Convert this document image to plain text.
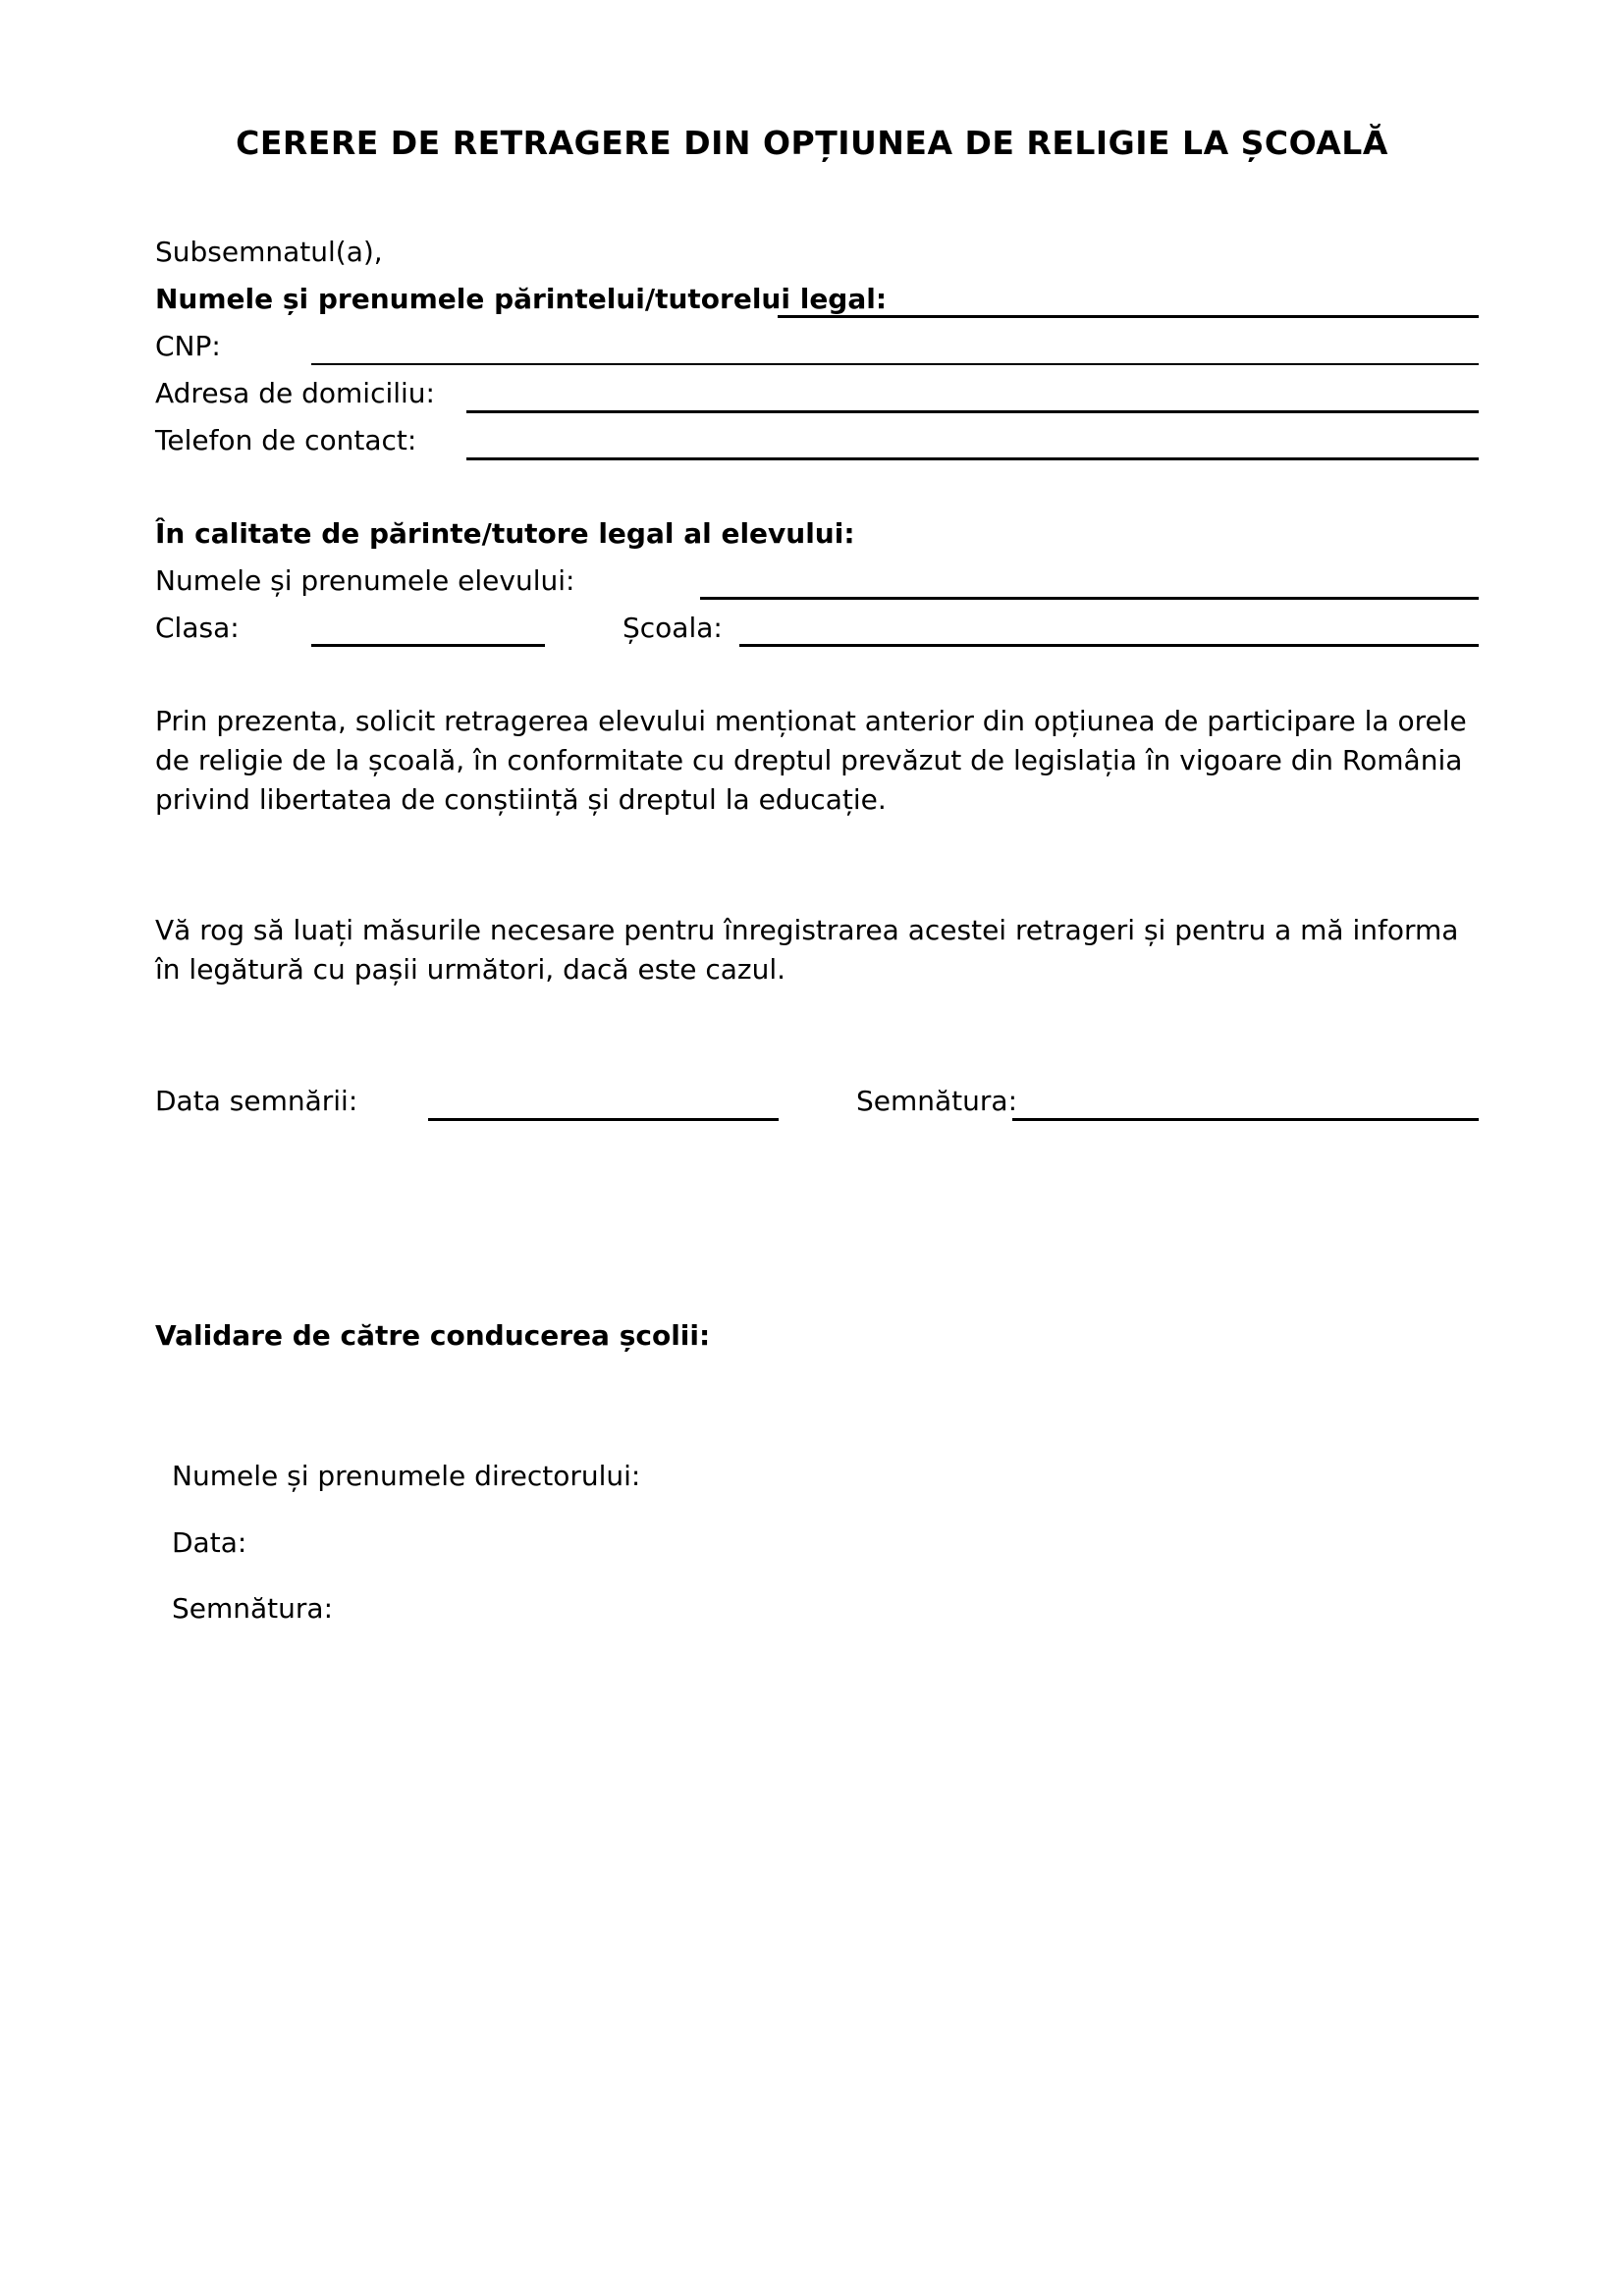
CERERE DE RETRAGERE DIN OPȚIUNEA DE RELIGIE LA ȘCOALĂ
Subsemnatul(a),
Numele și prenumele părintelui/tutorelui legal:
CNP:
Adresa de domiciliu:
Telefon de contact:
În calitate de părinte/tutore legal al elevului:
Numele și prenumele elevului:
Clasa:	Școala:
Prin prezenta, solicit retragerea elevului menționat anterior din opțiunea de participare la orele de religie de la școală, în conformitate cu dreptul prevăzut de legislația în vigoare din România privind libertatea de conștiință și dreptul la educație.
Vă rog să luați măsurile necesare pentru înregistrarea acestei retrageri și pentru a mă informa în legătură cu pașii următori, dacă este cazul.
Data semnării:	Semnătura:
Validare de către conducerea școlii:
Numele și prenumele directorului:
Data:
Semnătura:
